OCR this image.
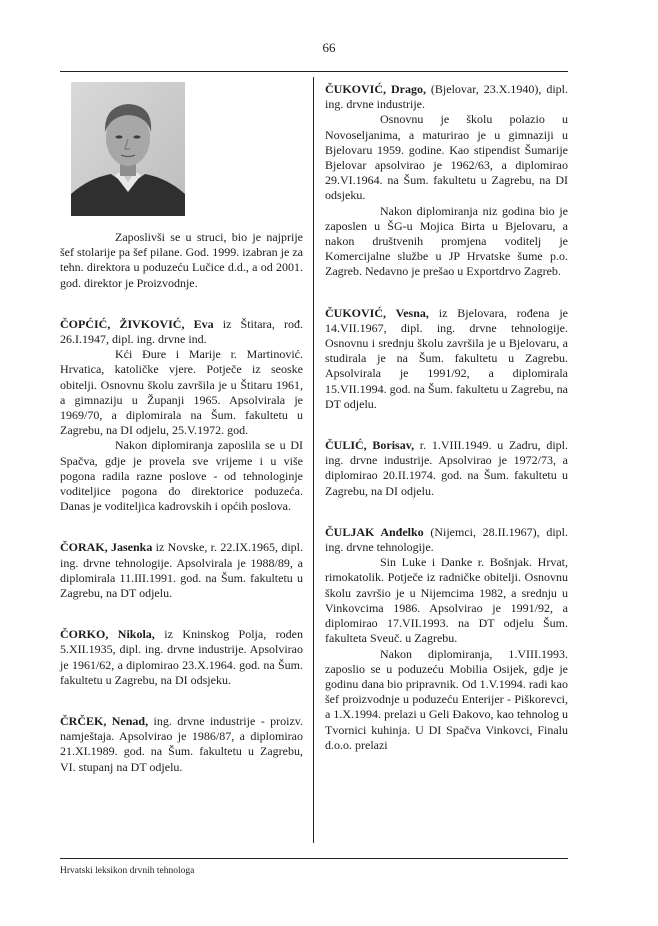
66

Zaposlivši se u struci, bio je najprije šef stolarije pa šef pilane. God. 1999. izabran je za tehn. direktora u poduzeću Lučice d.d., a od 2001. god. direktor je Proizvodnje.

ČOPĆIĆ, ŽIVKOVIĆ, Eva iz Štitara, rođ. 26.I.1947, dipl. ing. drvne ind.

Kći Đure i Marije r. Martinović. Hrvatica, katoličke vjere. Potječe iz seoske obitelji. Osnovnu školu završila je u Štitaru 1961, a gimnaziju u Županji 1965. Apsolvirala je 1969/70, a diplomirala na Šum. fakultetu u Zagrebu, na DI odjelu, 25.V.1972. god.

Nakon diplomiranja zaposlila se u DI Spačva, gdje je provela sve vrijeme i u više pogona radila razne poslove - od tehnologinje voditeljice pogona do direktorice poduzeća. Danas je voditeljica kadrovskih i općih poslova.

ČORAK, Jasenka iz Novske, r. 22.IX.1965, dipl. ing. drvne tehnologije. Apsolvirala je 1988/89, a diplomirala 11.III.1991. god. na Šum. fakultetu u Zagrebu, na DT odjelu.

ČORKO, Nikola, iz Kninskog Polja, roden 5.XII.1935, dipl. ing. drvne industrije. Apsolvirao je 1961/62, a diplomirao 23.X.1964. god. na Šum. fakultetu u Zagrebu, na DI odsjeku.

ČRČEK, Nenad, ing. drvne industrije - proizv. namještaja. Apsolvirao je 1986/87, a diplomirao 21.XI.1989. god. na Šum. fakultetu u Zagrebu, VI. stupanj na DT odjelu.

ČUKOVIĆ, Drago, (Bjelovar, 23.X.1940), dipl. ing. drvne industrije.

Osnovnu je školu polazio u Novoseljanima, a maturirao je u gimnaziji u Bjelovaru 1959. godine. Kao stipendist Šumarije Bjelovar apsolvirao je 1962/63, a diplomirao 29.VI.1964. na Šum. fakultetu u Zagrebu, na DI odsjeku.

Nakon diplomiranja niz godina bio je zaposlen u ŠG-u Mojica Birta u Bjelovaru, a nakon društvenih promjena voditelj je Komercijalne službe u JP Hrvatske šume p.o. Zagreb. Nedavno je prešao u Exportdrvo Zagreb.

ČUKOVIĆ, Vesna, iz Bjelovara, rođena je 14.VII.1967, dipl. ing. drvne tehnologije. Osnovnu i srednju školu završila je u Bjelovaru, a studirala je na Šum. fakultetu u Zagrebu. Apsolvirala je 1991/92, a diplomirala 15.VII.1994. god. na Šum. fakultetu u Zagrebu, na DT odjelu.

ČULIĆ, Borisav, r. 1.VIII.1949. u Zadru, dipl. ing. drvne industrije. Apsolvirao je 1972/73, a diplomirao 20.II.1974. god. na Šum. fakultetu u Zagrebu, na DI odjelu.

ČULJAK Anđelko (Nijemci, 28.II.1967), dipl. ing. drvne tehnologije.

Sin Luke i Danke r. Bošnjak. Hrvat, rimokatolik. Potječe iz radničke obitelji. Osnovnu školu završio je u Nijemcima 1982, a srednju u Vinkovcima 1986. Apsolvirao je 1991/92, a diplomirao 17.VII.1993. na DT odjelu Šum. fakulteta Sveuč. u Zagrebu.

Nakon diplomiranja, 1.VIII.1993. zaposlio se u poduzeću Mobilia Osijek, gdje je godinu dana bio pripravnik. Od 1.V.1994. radi kao šef proizvodnje u poduzeću Enterijer - Piškorevci, a 1.X.1994. prelazi u Geli Đakovo, kao tehnolog u Tvornici kuhinja. U DI Spačva Vinkovci, Finalu d.o.o. prelazi

Hrvatski leksikon drvnih tehnologa
